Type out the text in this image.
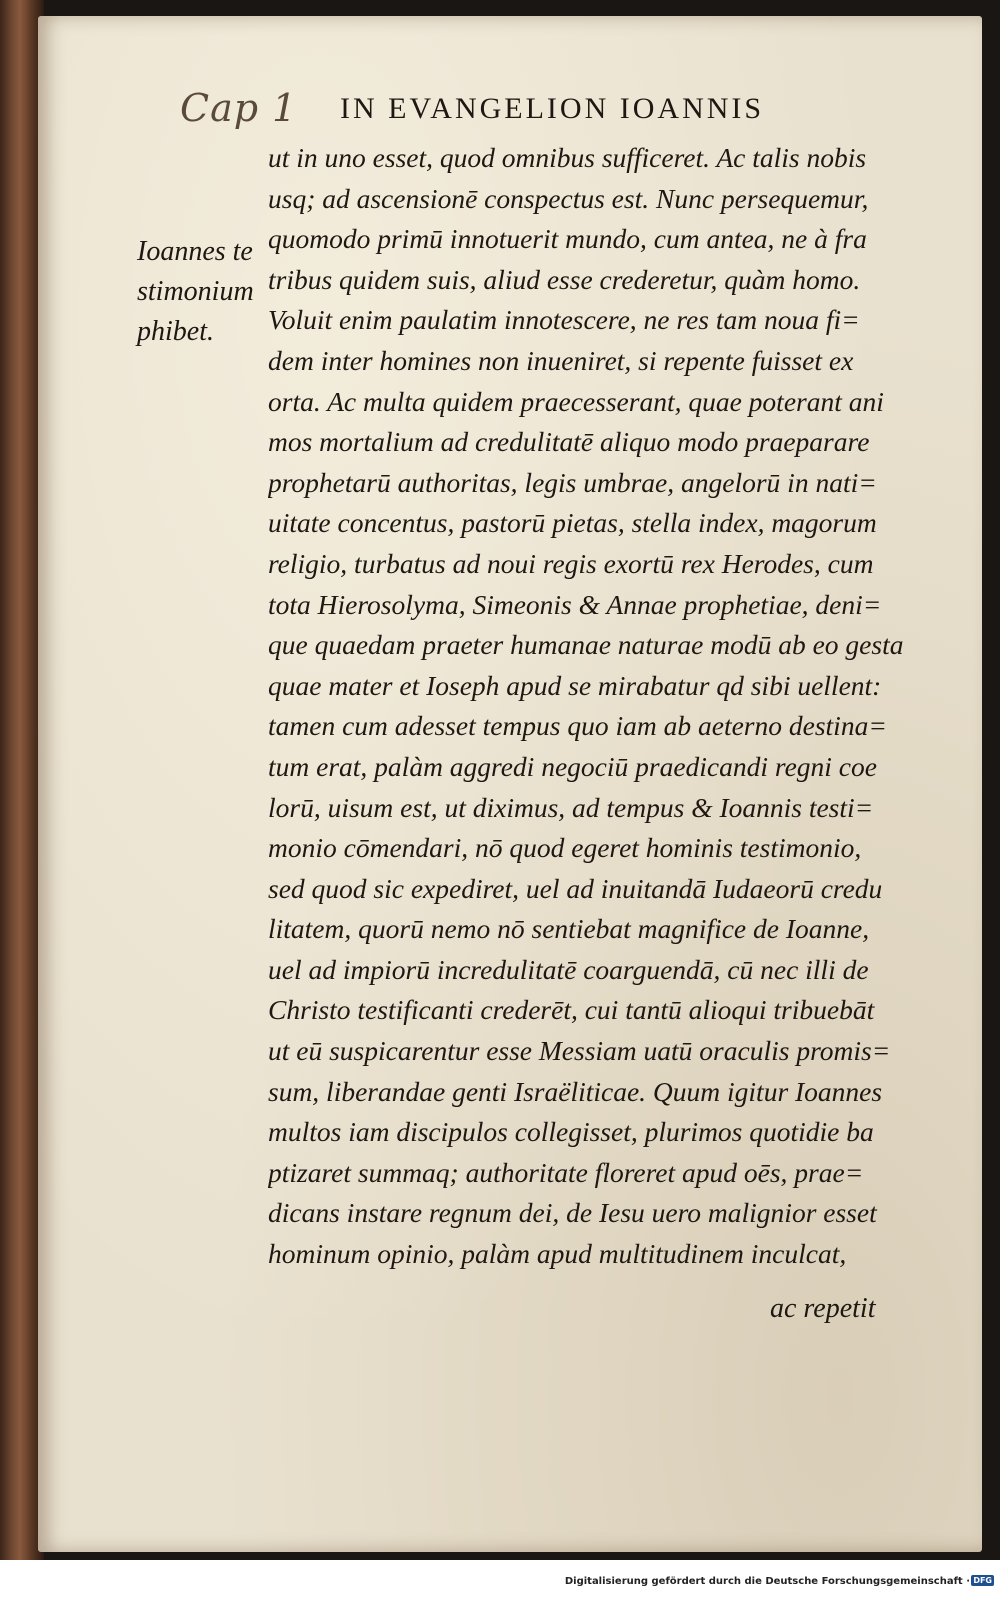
Cap 1 IN EVANGELION IOANNIS
Ioannes te
stimonium
phibet.
ut in uno esset, quod omnibus sufficeret. Ac talis nobis
usq; ad ascensionē conspectus est. Nunc persequemur,
quomodo primū innotuerit mundo, cum antea, ne à fra
tribus quidem suis, aliud esse crederetur, quàm homo.
Voluit enim paulatim innotescere, ne res tam noua fi=
dem inter homines non inueniret, si repente fuisset ex
orta. Ac multa quidem praecesserant, quae poterant ani
mos mortalium ad credulitatē aliquo modo praeparare
prophetarū authoritas, legis umbrae, angelorū in nati=
uitate concentus, pastorū pietas, stella index, magorum
religio, turbatus ad noui regis exortū rex Herodes, cum
tota Hierosolyma, Simeonis & Annae prophetiae, deni=
que quaedam praeter humanae naturae modū ab eo gesta
quae mater et Ioseph apud se mirabatur qd sibi uellent:
tamen cum adesset tempus quo iam ab aeterno destina=
tum erat, palàm aggredi negociū praedicandi regni coe
lorū, uisum est, ut diximus, ad tempus & Ioannis testi=
monio cōmendari, nō quod egeret hominis testimonio,
sed quod sic expediret, uel ad inuitandā Iudaeorū credu
litatem, quorū nemo nō sentiebat magnifice de Ioanne,
uel ad impiorū incredulitatē coarguendā, cū nec illi de
Christo testificanti crederēt, cui tantū alioqui tribuebāt
ut eū suspicarentur esse Messiam uatū oraculis promis=
sum, liberandae genti Israëliticae. Quum igitur Ioannes
multos iam discipulos collegisset, plurimos quotidie ba
ptizaret summaq; authoritate floreret apud oēs, prae=
dicans instare regnum dei, de Iesu uero malignior esset
hominum opinio, palàm apud multitudinem inculcat,
ac repetit
Digitalisierung gefördert durch die Deutsche Forschungsgemeinschaft · DFG
